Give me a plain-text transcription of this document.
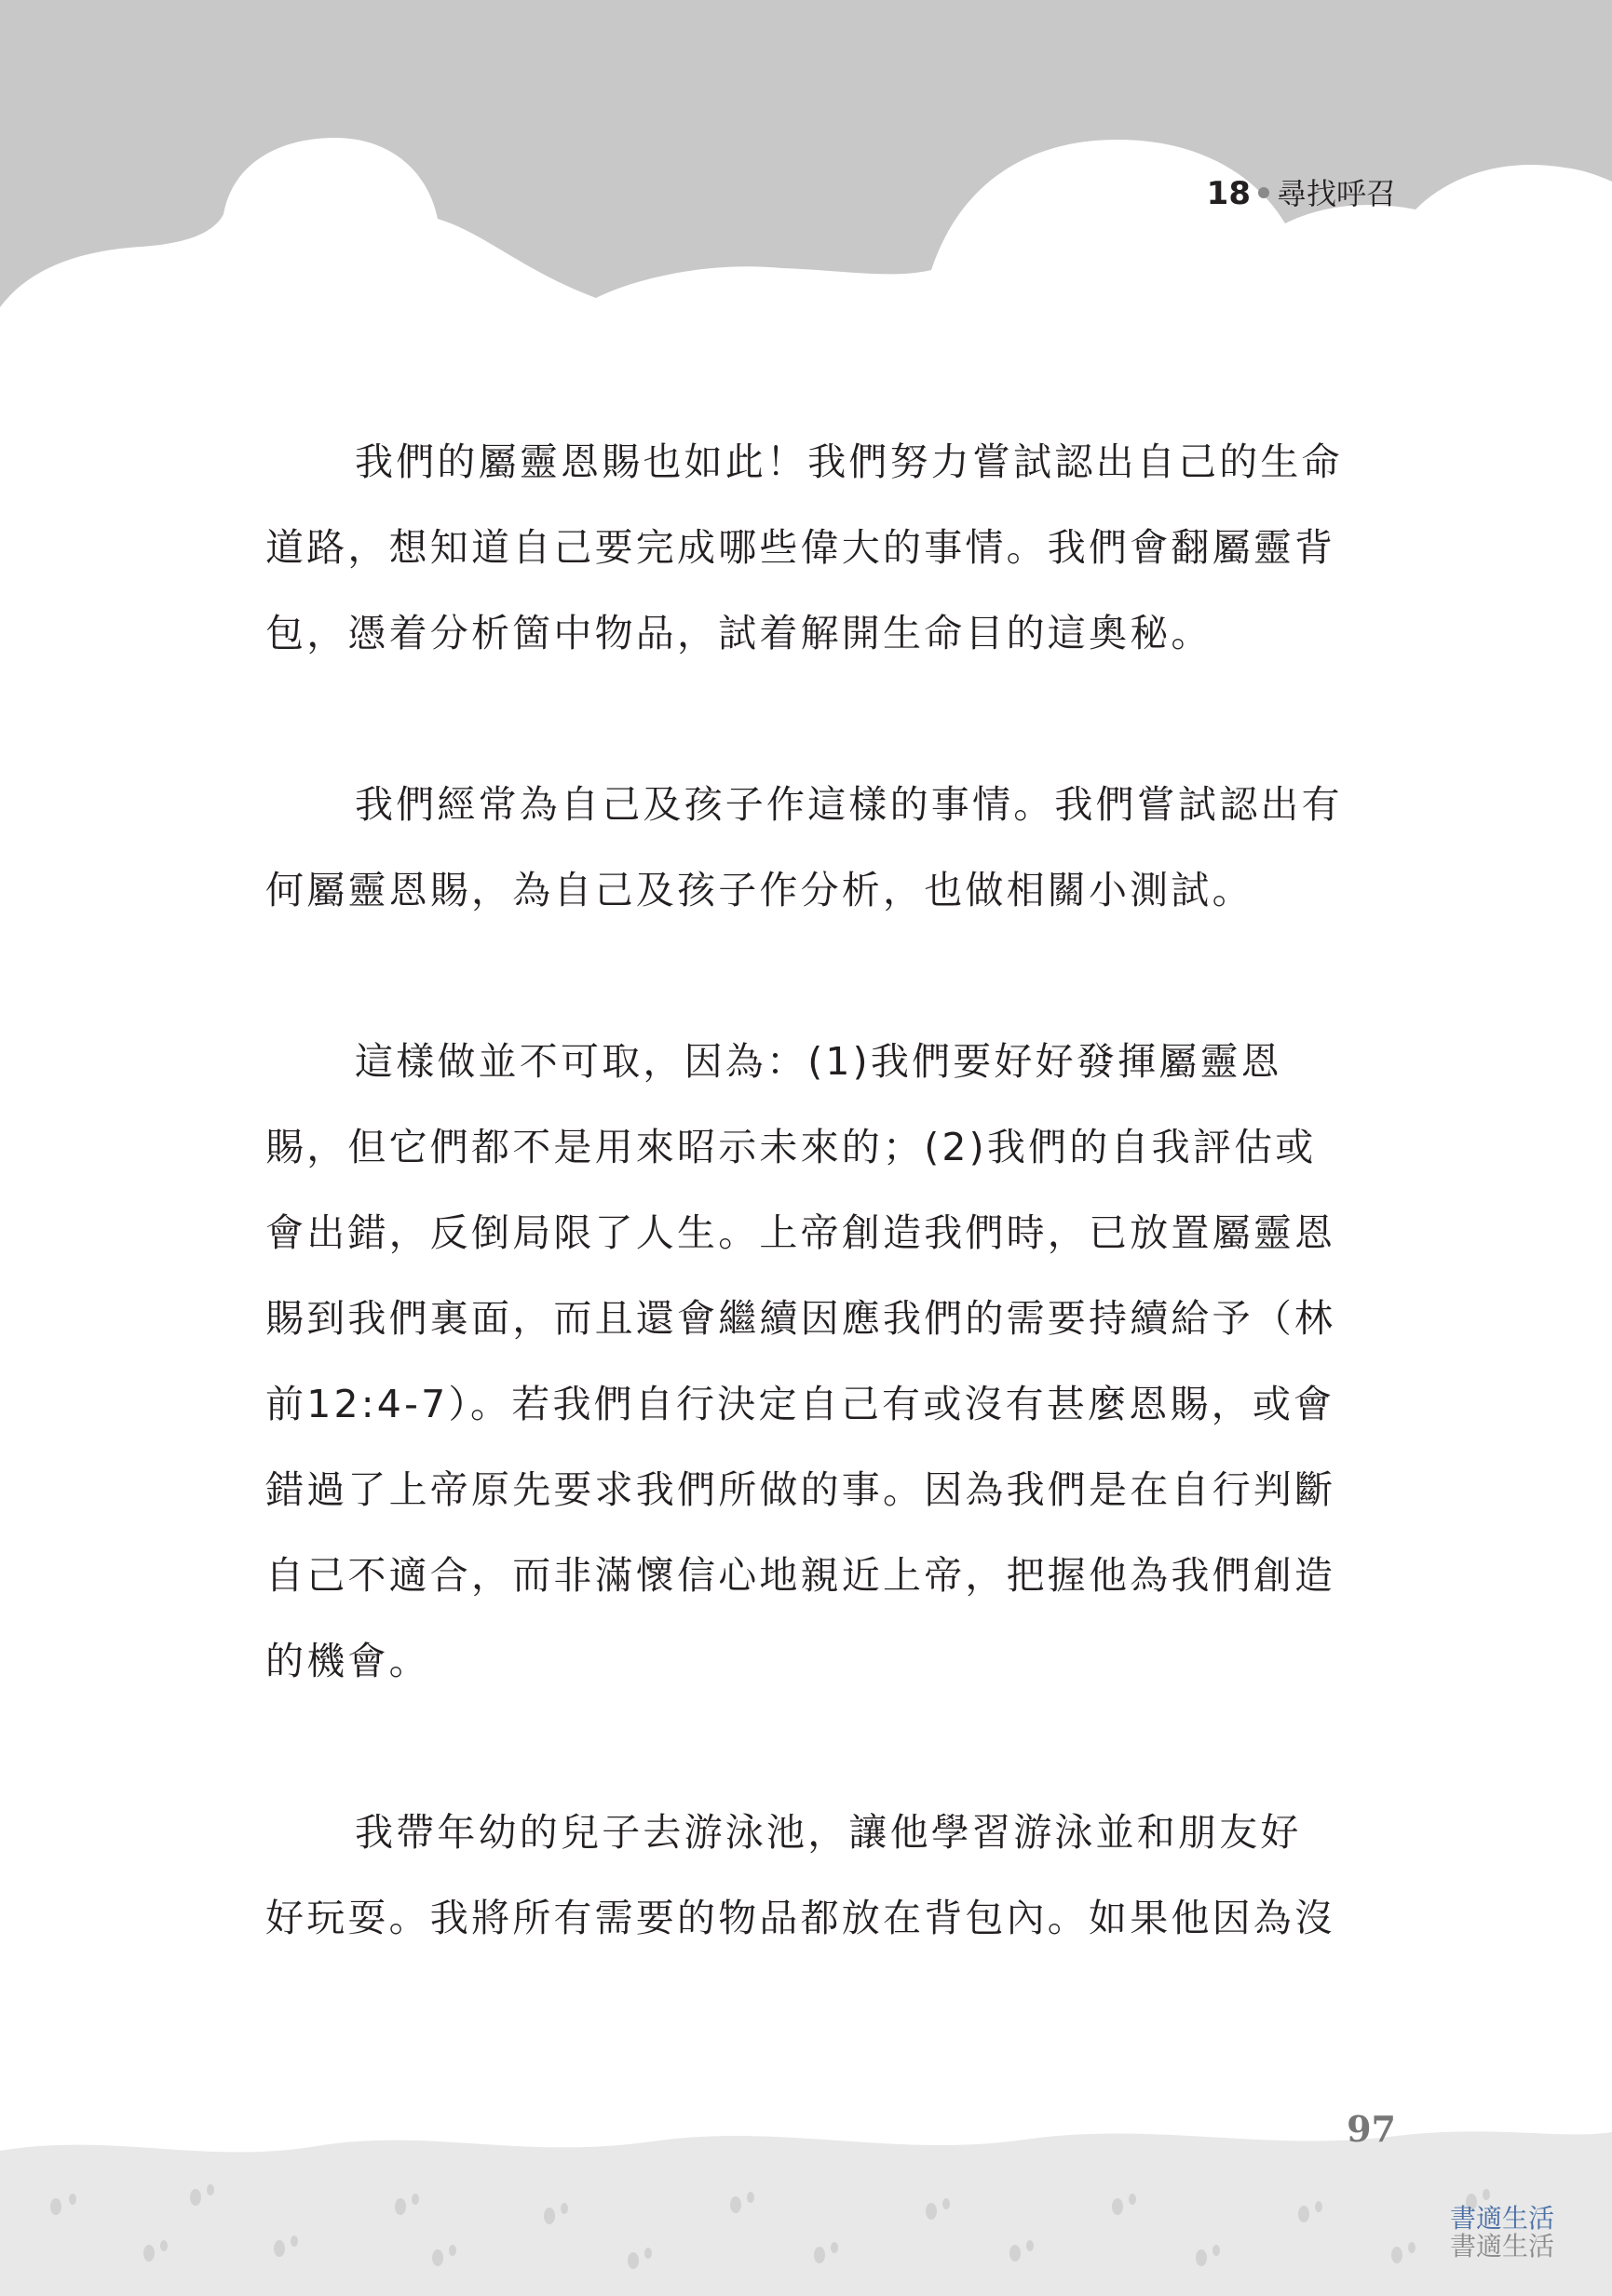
18 尋找呼召

我們的屬靈恩賜也如此！我們努力嘗試認出自己的生命
道路，想知道自己要完成哪些偉大的事情。我們會翻屬靈背
包，憑着分析箇中物品，試着解開生命目的這奧秘。

我們經常為自己及孩子作這樣的事情。我們嘗試認出有
何屬靈恩賜，為自己及孩子作分析，也做相關小測試。

這樣做並不可取，因為：(1)我們要好好發揮屬靈恩
賜，但它們都不是用來昭示未來的；(2)我們的自我評估或
會出錯，反倒局限了人生。上帝創造我們時，已放置屬靈恩
賜到我們裏面，而且還會繼續因應我們的需要持續給予（林
前12:4-7）。若我們自行決定自己有或沒有甚麼恩賜，或會
錯過了上帝原先要求我們所做的事。因為我們是在自行判斷
自己不適合，而非滿懷信心地親近上帝，把握他為我們創造
的機會。

我帶年幼的兒子去游泳池，讓他學習游泳並和朋友好
好玩耍。我將所有需要的物品都放在背包內。如果他因為沒

97
書適生活
書適生活
